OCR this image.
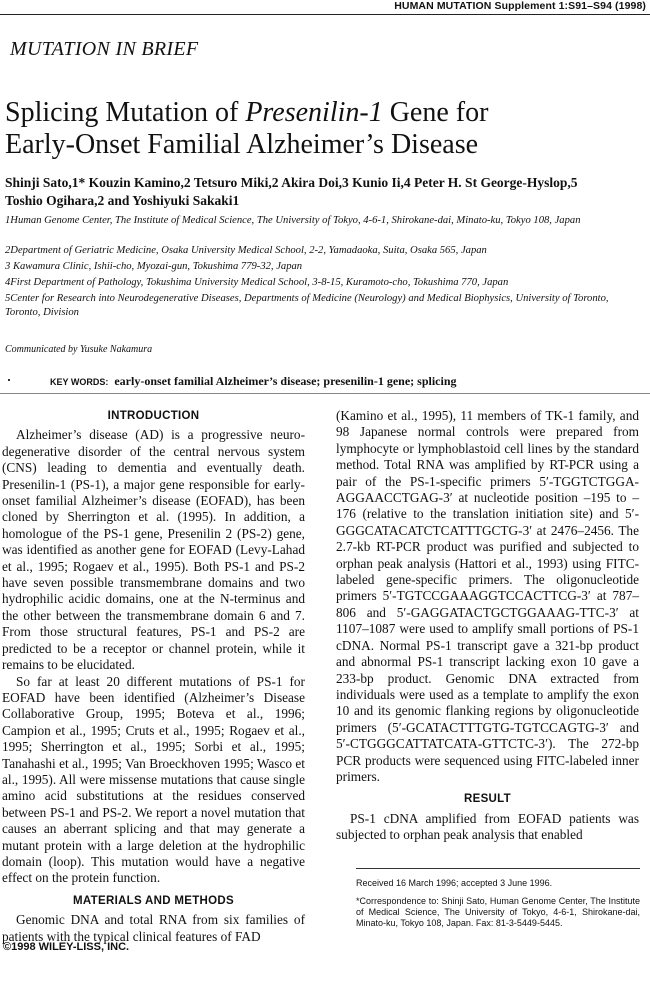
HUMAN MUTATION Supplement 1:S91–S94 (1998)
MUTATION IN BRIEF
Splicing Mutation of Presenilin-1 Gene for
Early-Onset Familial Alzheimer’s Disease
Shinji Sato,1* Kouzin Kamino,2 Tetsuro Miki,2 Akira Doi,3 Kunio Ii,4 Peter H. St George-Hyslop,5
Toshio Ogihara,2 and Yoshiyuki Sakaki1
1Human Genome Center, The Institute of Medical Science, The University of Tokyo, 4-6-1, Shirokane-dai, Minato-ku, Tokyo 108, Japan
2Department of Geriatric Medicine, Osaka University Medical School, 2-2, Yamadaoka, Suita, Osaka 565, Japan
3 Kawamura Clinic, Ishii-cho, Myozai-gun, Tokushima 779-32, Japan
4First Department of Pathology, Tokushima University Medical School, 3-8-15, Kuramoto-cho, Tokushima 770, Japan
5Center for Research into Neurodegenerative Diseases, Departments of Medicine (Neurology) and Medical Biophysics, University of Toronto, Toronto, Division
Communicated by Yusuke Nakamura
KEY WORDS: early-onset familial Alzheimer’s disease; presenilin-1 gene; splicing
INTRODUCTION

Alzheimer’s disease (AD) is a progressive neuro-degenerative disorder of the central nervous system (CNS) leading to dementia and eventually death. Presenilin-1 (PS-1), a major gene responsible for early-onset familial Alzheimer’s disease (EOFAD), has been cloned by Sherrington et al. (1995). In addition, a homologue of the PS-1 gene, Presenilin 2 (PS-2) gene, was identified as another gene for EOFAD (Levy-Lahad et al., 1995; Rogaev et al., 1995). Both PS-1 and PS-2 have seven possible transmembrane domains and two hydrophilic acidic domains, one at the N-terminus and the other between the transmembrane domain 6 and 7. From those structural features, PS-1 and PS-2 are predicted to be a receptor or channel protein, while it remains to be elucidated.

So far at least 20 different mutations of PS-1 for EOFAD have been identified (Alzheimer’s Disease Collaborative Group, 1995; Boteva et al., 1996; Campion et al., 1995; Cruts et al., 1995; Rogaev et al., 1995; Sherrington et al., 1995; Sorbi et al., 1995; Tanahashi et al., 1995; Van Broeckhoven 1995; Wasco et al., 1995). All were missense mutations that cause single amino acid substitutions at the residues conserved between PS-1 and PS-2. We report a novel mutation that causes an aberrant splicing and that may generate a mutant protein with a large deletion at the hydrophilic domain (loop). This mutation would have a negative effect on the protein function.

MATERIALS AND METHODS

Genomic DNA and total RNA from six families of patients with the typical clinical features of FAD

(Kamino et al., 1995), 11 members of TK-1 family, and 98 Japanese normal controls were prepared from lymphocyte or lymphoblastoid cell lines by the standard method. Total RNA was amplified by RT-PCR using a pair of the PS-1-specific primers 5′-TGGTCTGGA-AGGAACCTGAG-3′ at nucleotide position –195 to –176 (relative to the translation initiation site) and 5′-GGGCATACATCTCATTTGCTG-3′ at 2476–2456. The 2.7-kb RT-PCR product was purified and subjected to orphan peak analysis (Hattori et al., 1993) using FITC-labeled gene-specific primers. The oligonucleotide primers 5′-TGTCCGAAAGGTCCACTTCG-3′ at 787–806 and 5′-GAGGATACTGCTGGAAAG-TTC-3′ at 1107–1087 were used to amplify small portions of PS-1 cDNA. Normal PS-1 transcript gave a 321-bp product and abnormal PS-1 transcript lacking exon 10 gave a 233-bp product. Genomic DNA extracted from individuals were used as a template to amplify the exon 10 and its genomic flanking regions by oligonucleotide primers (5′-GCATACTTTGTG-TGTCCAGTG-3′ and 5′-CTGGGCATTATCATA-GTTCTC-3′). The 272-bp PCR products were sequenced using FITC-labeled inner primers.

RESULT

PS-1 cDNA amplified from EOFAD patients was subjected to orphan peak analysis that enabled

Received 16 March 1996; accepted 3 June 1996.
*Correspondence to: Shinji Sato, Human Genome Center, The Institute of Medical Science, The University of Tokyo, 4-6-1, Shirokane-dai, Minato-ku, Tokyo 108, Japan. Fax: 81-3-5449-5445.
©1998 WILEY-LISS, INC.
